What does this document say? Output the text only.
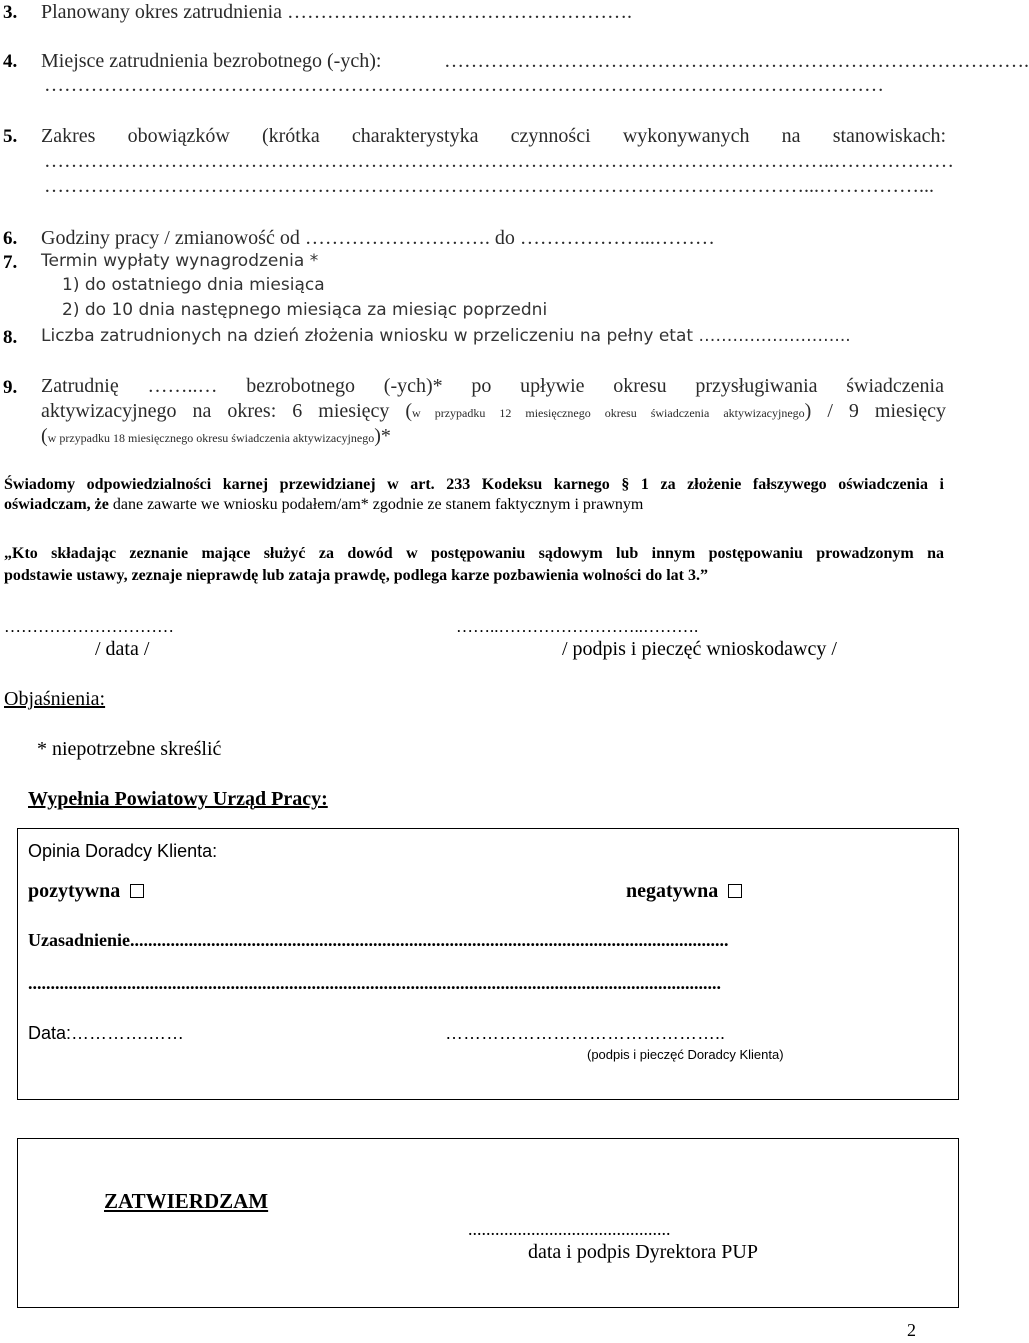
3. Planowany okres zatrudnienia …………………………………………….
4. Miejsce zatrudnienia bezrobotnego (-ych):	…………………………………………………………………………….
………………………………………………………………………………………………………………
5. Zakres obowiązków (krótka charakterystyka czynności wykonywanych na stanowiskach:
………………………………………………………………………………………………………..………………
……………………………………………………………………………………………………...……………...
6. Godziny pracy / zmianowość od ………………………. do ………………...………
7. Termin wypłaty wynagrodzenia *
1) do ostatniego dnia miesiąca
2) do 10 dnia następnego miesiąca za miesiąc poprzedni
8. Liczba zatrudnionych na dzień złożenia wniosku w przeliczeniu na pełny etat ……………………...
9. Zatrudnię ……..… bezrobotnego (-ych)* po upływie okresu przysługiwania świadczenia
aktywizacyjnego na okres: 6 miesięcy (w przypadku 12 miesięcznego okresu świadczenia aktywizacyjnego) / 9 miesięcy
(w przypadku 18 miesięcznego okresu świadczenia aktywizacyjnego)*
Świadomy odpowiedzialności karnej przewidzianej w art. 233 Kodeksu karnego § 1 za złożenie fałszywego oświadczenia i
oświadczam, że dane zawarte we wniosku podałem/am* zgodnie ze stanem faktycznym i prawnym
„Kto składając zeznanie mające służyć za dowód w postępowaniu sądowym lub innym postępowaniu prowadzonym na
podstawie ustawy, zeznaje nieprawdę lub zataja prawdę, podlega karze pozbawienia wolności do lat 3.”
…………………………	……..……………………..……….
/ data /	/ podpis i pieczęć wnioskodawcy /
Objaśnienia:
* niepotrzebne skreślić
Wypełnia Powiatowy Urząd Pracy:
Opinia Doradcy Klienta:
pozytywna	negatywna
Uzasadnienie.....................................................................................................................................
..........................................................................................................................................................
Data:………….……	………………………………………..
(podpis i pieczęć Doradcy Klienta)
ZATWIERDZAM
.............................................
data i podpis Dyrektora PUP
2
